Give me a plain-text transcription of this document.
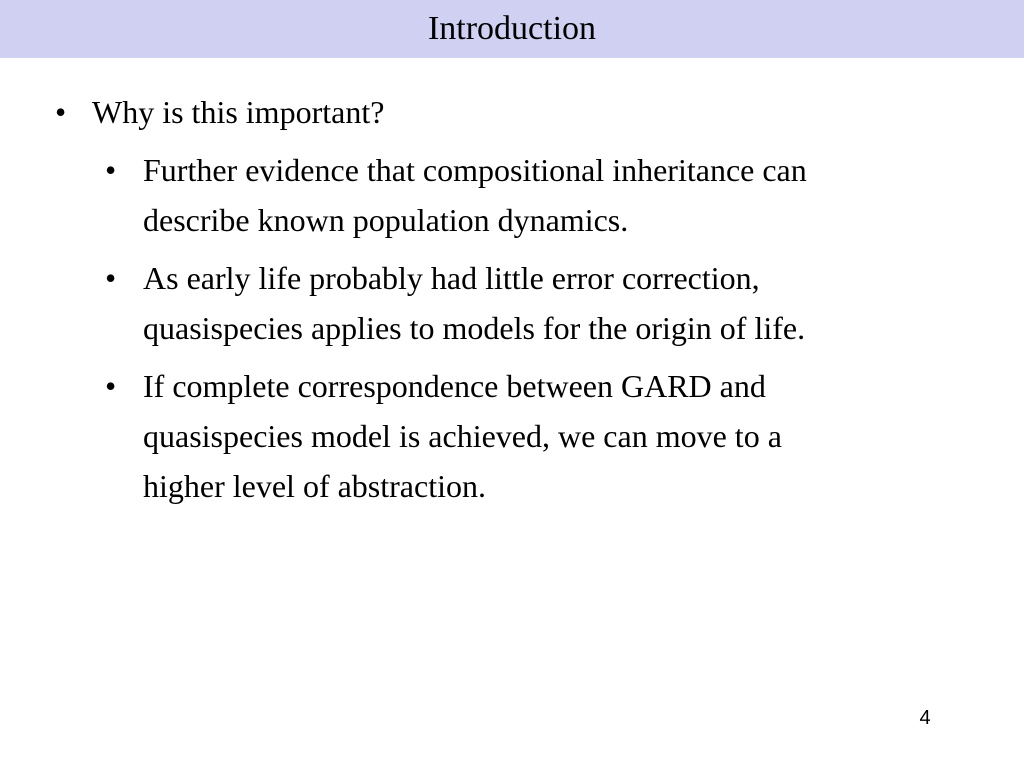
Introduction
• Why is this important?
• Further evidence that compositional inheritance can
describe known population dynamics.
• As early life probably had little error correction,
quasispecies applies to models for the origin of life.
• If complete correspondence between GARD and
quasispecies model is achieved, we can move to a
higher level of abstraction.
4
